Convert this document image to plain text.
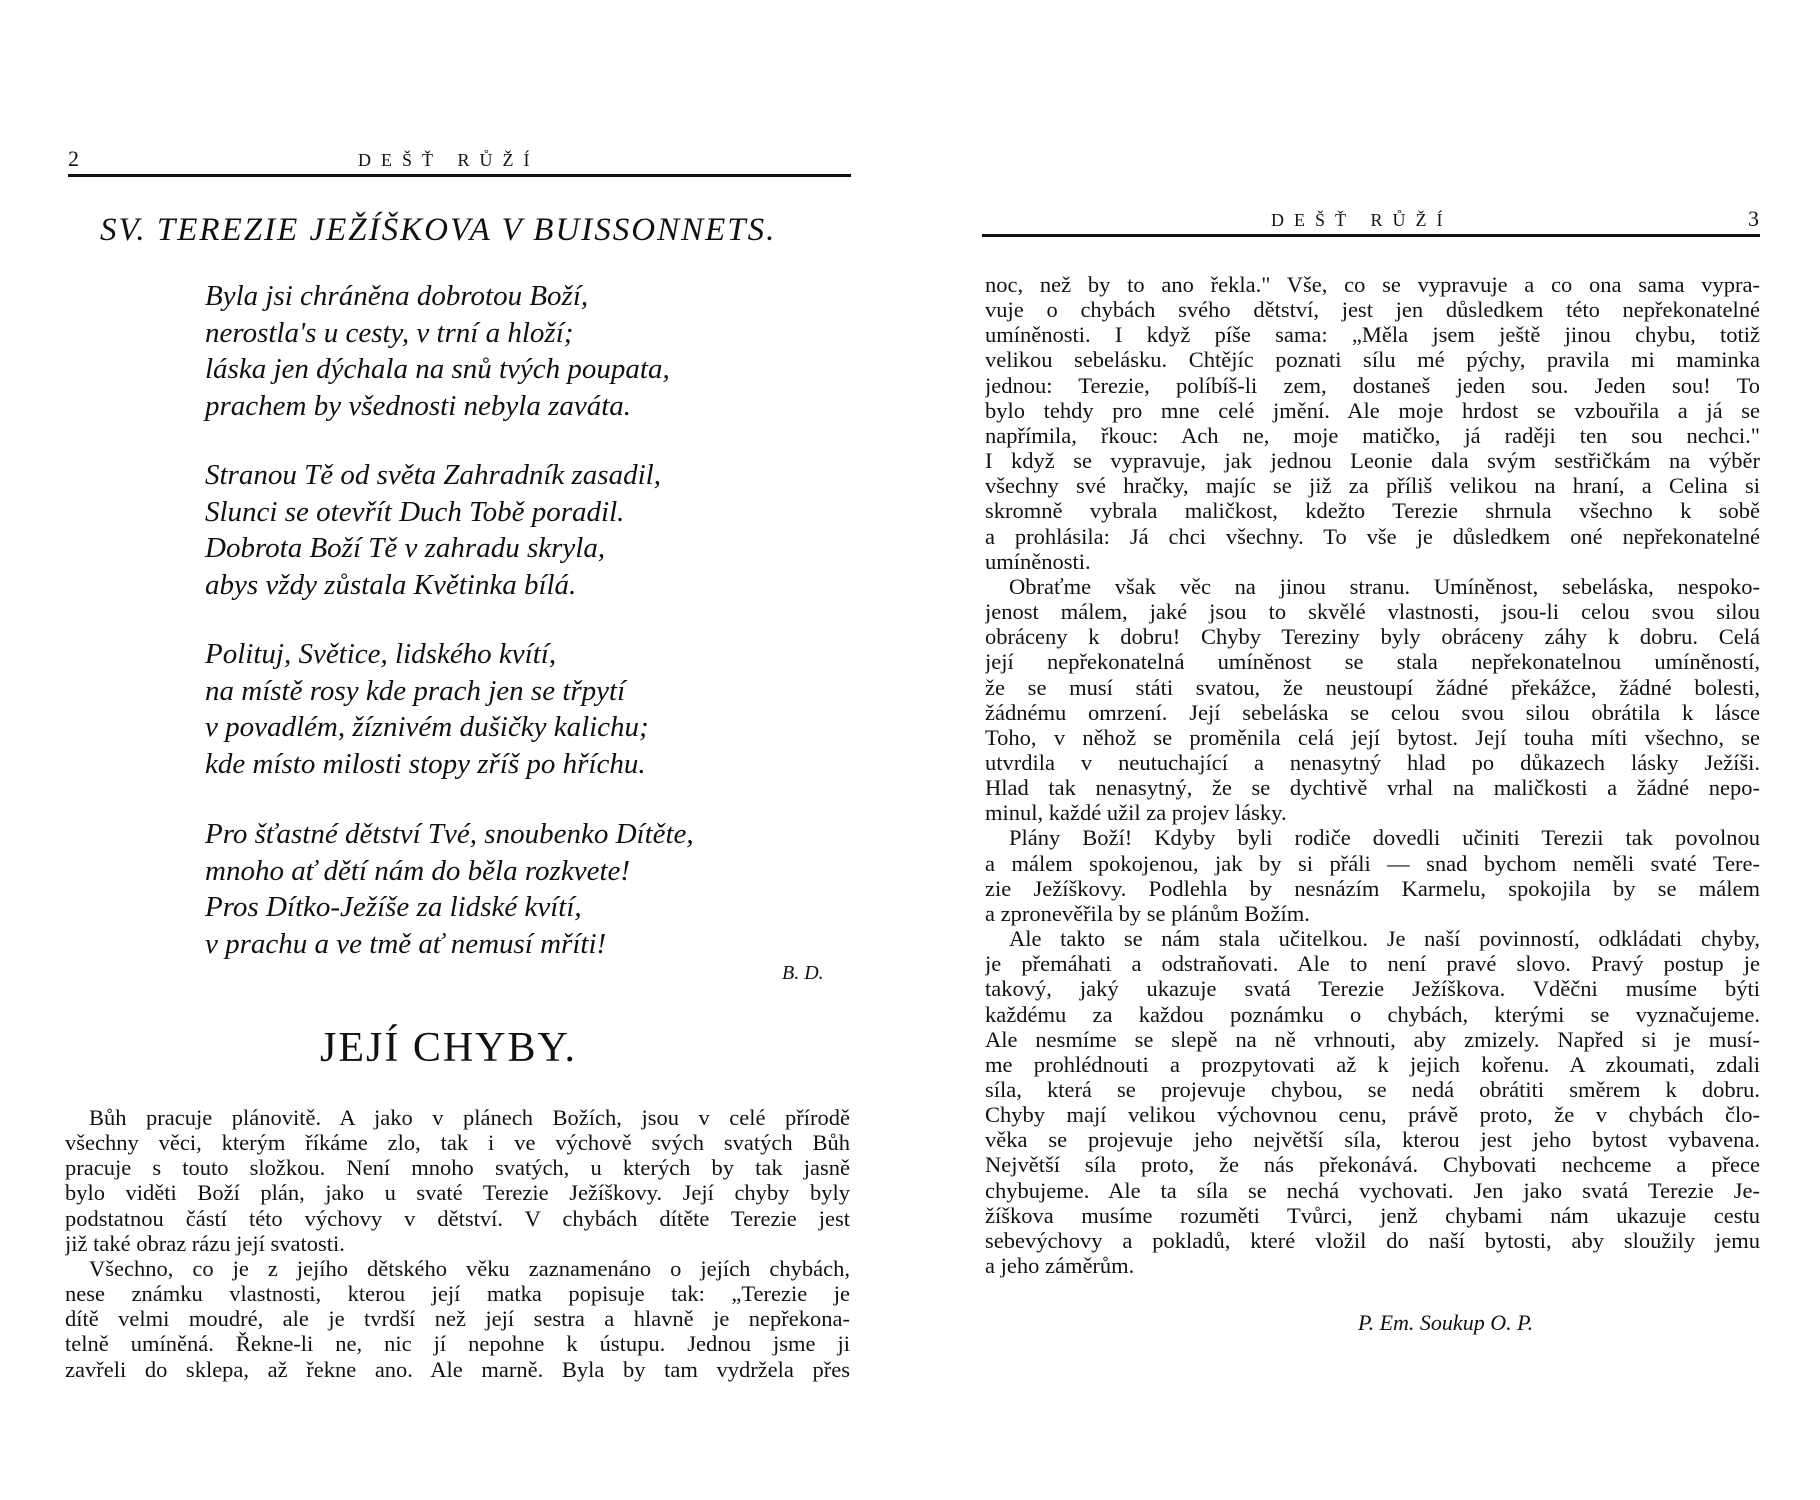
2	DEŠŤ RŮŽÍ
SV. TEREZIE JEŽÍŠKOVA V BUISSONNETS.
Byla jsi chráněna dobrotou Boží,
nerostla's u cesty, v trní a hloží;
láska jen dýchala na snů tvých poupata,
prachem by všednosti nebyla zaváta.
Stranou Tě od světa Zahradník zasadil,
Slunci se otevřít Duch Tobě poradil.
Dobrota Boží Tě v zahradu skryla,
abys vždy zůstala Květinka bílá.
Polituj, Světice, lidského kvítí,
na místě rosy kde prach jen se třpytí
v povadlém, žíznivém dušičky kalichu;
kde místo milosti stopy zříš po hříchu.
Pro šťastné dětství Tvé, snoubenko Dítěte,
mnoho ať dětí nám do běla rozkvete!
Pros Dítko-Ježíše za lidské kvítí,
v prachu a ve tmě ať nemusí mříti!
B. D.
JEJÍ CHYBY.
Bůh pracuje plánovitě. A jako v plánech Božích, jsou v celé přírodě
všechny věci, kterým říkáme zlo, tak i ve výchově svých svatých Bůh
pracuje s touto složkou. Není mnoho svatých, u kterých by tak jasně
bylo viděti Boží plán, jako u svaté Terezie Ježíškovy. Její chyby byly
podstatnou částí této výchovy v dětství. V chybách dítěte Terezie jest
již také obraz rázu její svatosti.
Všechno, co je z jejího dětského věku zaznamenáno o jejích chybách,
nese známku vlastnosti, kterou její matka popisuje tak: „Terezie je
dítě velmi moudré, ale je tvrdší než její sestra a hlavně je nepřekona-
telně umíněná. Řekne-li ne, nic jí nepohne k ústupu. Jednou jsme ji
zavřeli do sklepa, až řekne ano. Ale marně. Byla by tam vydržela přes
DEŠŤ RŮŽÍ	3
noc, než by to ano řekla." Vše, co se vypravuje a co ona sama vypra-
vuje o chybách svého dětství, jest jen důsledkem této nepřekonatelné
umíněnosti. I když píše sama: „Měla jsem ještě jinou chybu, totiž
velikou sebelásku. Chtějíc poznati sílu mé pýchy, pravila mi maminka
jednou: Terezie, políbíš-li zem, dostaneš jeden sou. Jeden sou! To
bylo tehdy pro mne celé jmění. Ale moje hrdost se vzbouřila a já se
napřímila, řkouc: Ach ne, moje matičko, já raději ten sou nechci."
I když se vypravuje, jak jednou Leonie dala svým sestřičkám na výběr
všechny své hračky, majíc se již za příliš velikou na hraní, a Celina si
skromně vybrala maličkost, kdežto Terezie shrnula všechno k sobě
a prohlásila: Já chci všechny. To vše je důsledkem oné nepřekonatelné
umíněnosti.
Obraťme však věc na jinou stranu. Umíněnost, sebeláska, nespoko-
jenost málem, jaké jsou to skvělé vlastnosti, jsou-li celou svou silou
obráceny k dobru! Chyby Tereziny byly obráceny záhy k dobru. Celá
její nepřekonatelná umíněnost se stala nepřekonatelnou umíněností,
že se musí státi svatou, že neustoupí žádné překážce, žádné bolesti,
žádnému omrzení. Její sebeláska se celou svou silou obrátila k lásce
Toho, v něhož se proměnila celá její bytost. Její touha míti všechno, se
utvrdila v neutuchající a nenasytný hlad po důkazech lásky Ježíši.
Hlad tak nenasytný, že se dychtivě vrhal na maličkosti a žádné nepo-
minul, každé užil za projev lásky.
Plány Boží! Kdyby byli rodiče dovedli učiniti Terezii tak povolnou
a málem spokojenou, jak by si přáli — snad bychom neměli svaté Tere-
zie Ježíškovy. Podlehla by nesnázím Karmelu, spokojila by se málem
a zpronevěřila by se plánům Božím.
Ale takto se nám stala učitelkou. Je naší povinností, odkládati chyby,
je přemáhati a odstraňovati. Ale to není pravé slovo. Pravý postup je
takový, jaký ukazuje svatá Terezie Ježíškova. Vděčni musíme býti
každému za každou poznámku o chybách, kterými se vyznačujeme.
Ale nesmíme se slepě na ně vrhnouti, aby zmizely. Napřed si je musí-
me prohlédnouti a prozpytovati až k jejich kořenu. A zkoumati, zdali
síla, která se projevuje chybou, se nedá obrátiti směrem k dobru.
Chyby mají velikou výchovnou cenu, právě proto, že v chybách člo-
věka se projevuje jeho největší síla, kterou jest jeho bytost vybavena.
Největší síla proto, že nás překonává. Chybovati nechceme a přece
chybujeme. Ale ta síla se nechá vychovati. Jen jako svatá Terezie Je-
žíškova musíme rozuměti Tvůrci, jenž chybami nám ukazuje cestu
sebevýchovy a pokladů, které vložil do naší bytosti, aby sloužily jemu
a jeho záměrům.
P. Em. Soukup O. P.
